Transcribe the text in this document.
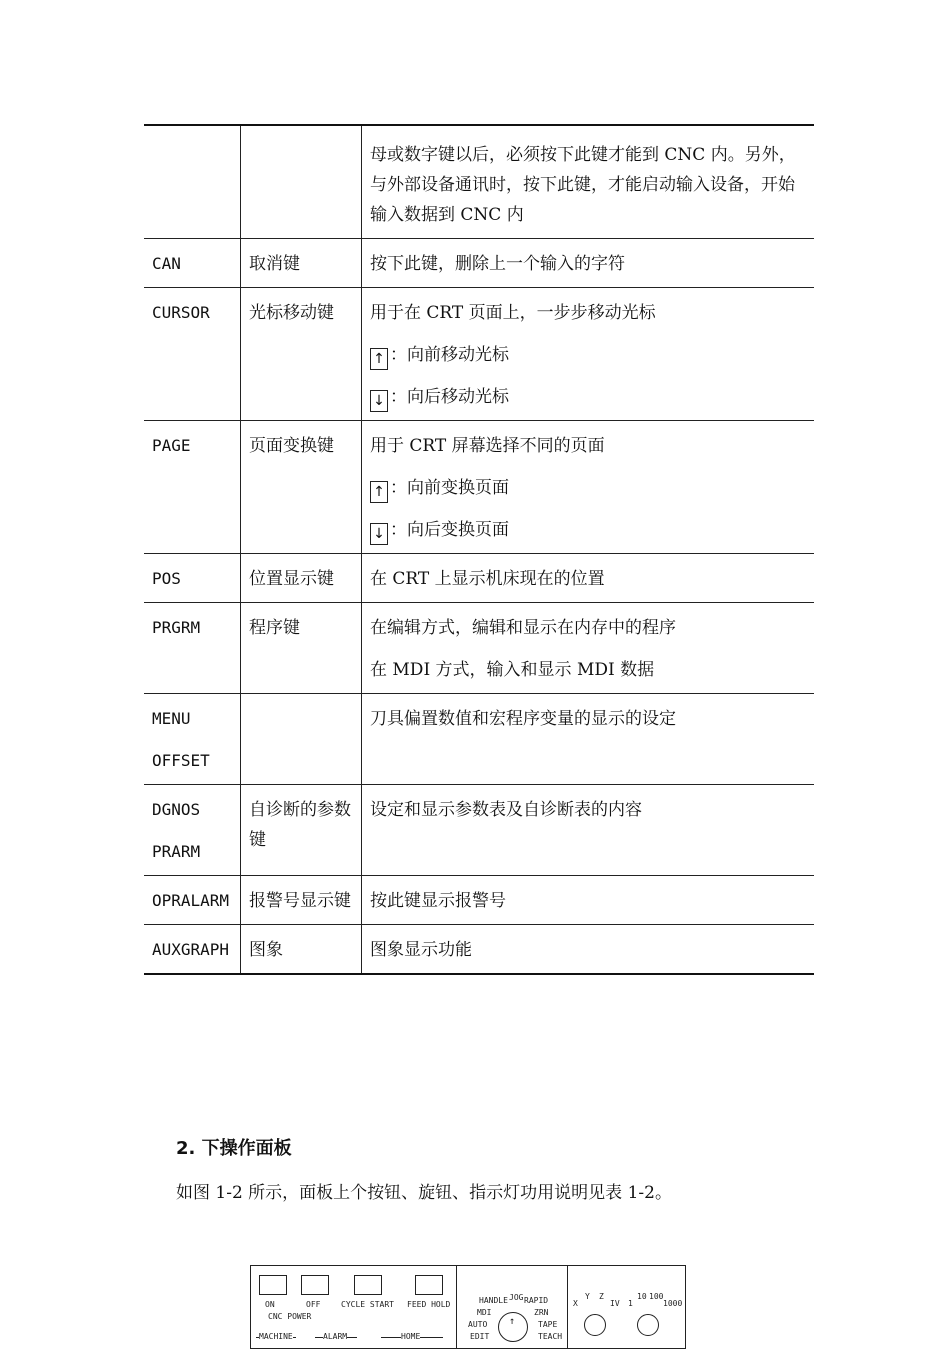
		母或数字键以后，必须按下此键才能到 CNC 内。另外，与外部设备通讯时，按下此键，才能启动输入设备，开始输入数据到 CNC 内

CAN	取消键	按下此键，删除上一个输入的字符

CURSOR	光标移动键	用于在 CRT 页面上，一步步移动光标
↑ ：向前移动光标
↓ ：向后移动光标

PAGE	页面变换键	用于 CRT 屏幕选择不同的页面
↑ ：向前变换页面
↓ ：向后变换页面

POS	位置显示键	在 CRT 上显示机床现在的位置

PRGRM	程序键	在编辑方式，编辑和显示在内存中的程序
在 MDI 方式，输入和显示 MDI 数据

MENU
OFFSET		刀具偏置数值和宏程序变量的显示的设定

DGNOS
PRARM	自诊断的参数键	设定和显示参数表及自诊断表的内容

OPRALARM	报警号显示键	按此键显示报警号

AUXGRAPH	图象	图象显示功能
2. 下操作面板
如图 1-2 所示，面板上个按钮、旋钮、指示灯功用说明见表 1-2。
ON	OFF	CYCLE START FEED HOLD
CNC POWER
MACHINE	ALARM	HOME
HANDLE JOG RAPID
MDI	ZRN
AUTO	TAPE
EDIT	TEACH
↑
X
Y Z
IV 1
10 100
1000
